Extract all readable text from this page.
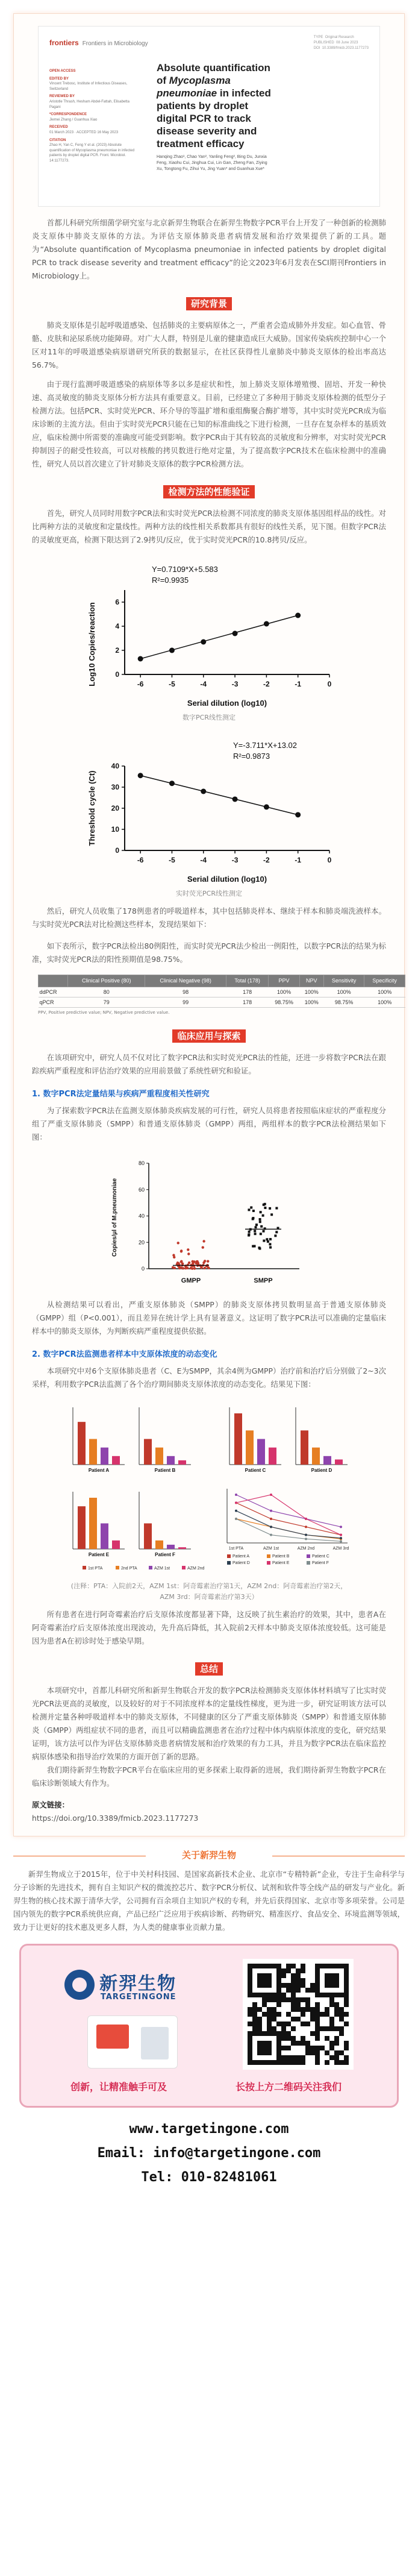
frontiers Frontiers in Microbiology
TYPE  Original Research
PUBLISHED  08 June 2023
DOI  10.3389/fmicb.2023.1177273
OPEN ACCESS
EDITED BY
Vincent Trebosc, Institute of Infectious Diseases, Switzerland
REVIEWED BY
Aristotle Thrash, Hesham Abdel-Fattah, Elisabetta Pagani
*CORRESPONDENCE
Jiemei Zhang / Guanhua Xiao
RECEIVED
01 March 2023 · ACCEPTED 16 May 2023
CITATION
Zhao H, Yan C, Feng Y et al. (2023) Absolute quantification of Mycoplasma pneumoniae in infected patients by droplet digital PCR. Front. Microbiol. 14:1177273.
Absolute quantification of Mycoplasma pneumoniae in infected patients by droplet digital PCR to track disease severity and treatment efficacy
Hanqing Zhao¹, Chao Yan², Yanling Feng², Bing Du, Junxia Feng, Xiaohu Cui, Jinghua Cui, Lin Gan, Zheng Fan, Ziying Xu, Tongtong Fu, Zihui Yu, Jing Yuan* and Guanhua Xue*

首都儿科研究所细菌学研究室与北京新羿生物联合在新羿生物数字PCR平台上开发了一种创新的检测肺炎支原体中肺炎支原体的方法。为评估支原体肺炎患者病情发展和治疗效果提供了新的工具。题为“Absolute quantification of Mycoplasma pneumoniae in infected patients by droplet digital PCR to track disease severity and treatment efficacy”的论文2023年6月发表在SCI期刊Frontiers in Microbiology上。

研究背景

肺炎支原体是引起呼吸道感染、包括肺炎的主要病原体之一，严重者会造成肺外并发症。如心血管、骨骼、皮肤和泌尿系统功能障碍。对广大人群，特别是儿童的健康造成巨大威胁。国家传染病疾控制中心一个区对11年的呼吸道感染病原谱研究所获的数据显示，在社区获得性儿童肺炎中肺炎支原体的检出率高达56.7%。

由于现行监测呼吸道感染的病原体等多以多是症状和性，加上肺炎支原体增殖慢、固培、开发一种快速、高灵敏度的肺炎支原体分析方法具有重要意义。目前，已经建立了多种用于肺炎支原体检测的低型分子检测方法。包括PCR、实时荧光PCR、环介导的等温扩增和重组酶聚合酶扩增等，其中实时荧光PCR成为临床诊断的主流方法。但由于实时荧光PCR只能在已知的标准曲线之下进行检测，一旦存在复杂样本的基质效应，临床检测中所需要的准确度可能受到影响。数字PCR由于其有较高的灵敏度和分辨率，对实时荧光PCR抑制因子的耐受性较高，可以对核酸的拷贝数进行绝对定量，为了提高数字PCR技术在临床检测中的准确性，研究人员以首次建立了针对肺炎支原体的数字PCR检测方法。

检测方法的性能验证

首先，研究人员同时用数字PCR法和实时荧光PCR法检测不同浓度的肺炎支原体基因组样品的线性。对比两种方法的灵敏度和定量线性。两种方法的线性相关系数都具有很好的线性关系，见下图。但数字PCR法的灵敏度更高，检测下限达到了2.9拷贝/反应，优于实时荧光PCR的10.8拷贝/反应。

Y=0.7109*X+5.583
R²=0.9935
Log10 Copies/reaction
Serial dilution (log10)
-6	-5	-4	-3	-2	-1	0
0
2
4
6
数字PCR线性测定
Y=-3.711*X+13.02
R²=0.9873
Threshold cycle (Ct)
Serial dilution (log10)
-6	-5	-4	-3	-2	-1	0
0
10
20
30
40
实时荧光PCR线性测定

然后，研究人员收集了178例患者的呼吸道样本，其中包括肺炎样本、继续于样本和肺炎端洗液样本。与实时荧光PCR法对比检测这些样本，发现结果如下：

如下表所示，数字PCR法检出80例阳性，而实时荧光PCR法少检出一例阳性，以数字PCR法的结果为标准，实时荧光PCR法的阳性预期值是98.75%。

	Clinical Positive (80)	Clinical Negative (98)	Total (178)	PPV	NPV	Sensitivity	Specificity
ddPCR	80	98	178	100%	100%	100%	100%
qPCR	79	99	178	98.75%	100%	98.75%	100%
PPV, Positive predictive value; NPV, Negative predictive value.
临床应用与探索

在该项研究中，研究人员不仅对比了数字PCR法和实时荧光PCR法的性能，还进一步将数字PCR法在跟踪疾病严重程度和评估治疗效果的应用前景做了系统性研究和验证。

1. 数字PCR法定量结果与疾病严重程度相关性研究

为了探索数字PCR法在监测支原体肺炎疾病发展的可行性，研究人员将患者按照临床症状的严重程度分组了严重支原体肺炎（SMPP）和普通支原体肺炎（GMPP）两组，两组样本的数字PCR法检测结果如下图：

Copies/μl of M.pneumoniae
GMPP	SMPP
0
20
40
60
80

从检测结果可以看出，严重支原体肺炎（SMPP）的肺炎支原体拷贝数明显高于普通支原体肺炎（GMPP）组（P<0.001），而且差异在统计学上具有显著意义。这证明了数字PCR法可以准确的定量临床样本中的肺炎支原体，为判断疾病严重程度提供依据。

2. 数字PCR法监测患者样本中支原体浓度的动态变化

本项研究中对6个支原体肺炎患者（C、E为SMPP，其余4例为GMPP）治疗前和治疗后分别做了2~3次采样，利用数字PCR法监测了各个治疗期间肺炎支原体浓度的动态变化。结果见下图：

Patient A	Patient B	Patient C	Patient D
Patient E	Patient F
1st PTA	2nd PTA	AZM 1st	AZM 2nd
1st PTA	AZM 1st	AZM 2nd	AZM 3rd
Patient A	Patient B	Patient C
Patient D	Patient E	Patient F
(注释：PTA：入院前2天，AZM 1st：阿奇霉素治疗第1天，AZM 2nd：阿奇霉素治疗第2天，
AZM 3rd：阿奇霉素治疗第3天）

所有患者在进行阿奇霉素治疗后支原体浓度都显著下降，这反映了抗生素治疗的效果，其中，患者A在阿奇霉素治疗后支原体浓度出现波动，先升高后降低，其入院前2天样本中肺炎支原体浓度较低。这可能是因为患者A在初诊时处于感染早期。

总结

本项研究中，首都儿科研究所和新羿生物联合开发的数字PCR法检测肺炎支原体体材料填写了比实时荧光PCR法更高的灵敏度，以及较好的对于不同浓度样本的定量线性梯度，更为进一步，研究证明该方法可以检测并定量各种呼吸道样本中的肺炎支原体，不同健康的区分了严重支原体肺炎（SMPP）和普通支原体肺炎（GMPP）两组症状不同的患者，而且可以精确监测患者在治疗过程中体内病原体浓度的变化，研究结果证明，该方法可以作为评估支原体肺炎患者病情发展和治疗效果的有力工具，并且为数字PCR法在临床监控病原体感染和指导治疗效果的方面开创了新的思路。

我们期待新羿生物数字PCR平台在临床应用的更多探索上取得新的进展，我们期待新羿生物数字PCR在临床诊断领域大有作为。

原文链接：
https://doi.org/10.3389/fmicb.2023.1177273
关于新羿生物

新羿生物成立于2015年，位于中关村科技园、是国家高新技术企业、北京市“专精特新”企业，专注于生命科学与分子诊断的先进技术，拥有自主知识产权的微流控芯片、数字PCR分析仪、试剂和软件等全线产品的研发与产业化。新羿生物的核心技术源于清华大学，公司拥有百余项自主知识产权的专利，并先后获得国家、北京市等多项荣誉。公司是国内领先的数字PCR系统供应商，产品已经广泛应用于疾病诊断、药物研究、精准医疗、食品安全、环境监测等领域，致力于让更好的技术惠及更多人群，为人类的健康事业贡献力量。

新羿生物
TARGETINGONE
创新，让精准触手可及	长按上方二维码关注我们
www.targetingone.com
Email: info@targetingone.com
Tel: 010-82481061
